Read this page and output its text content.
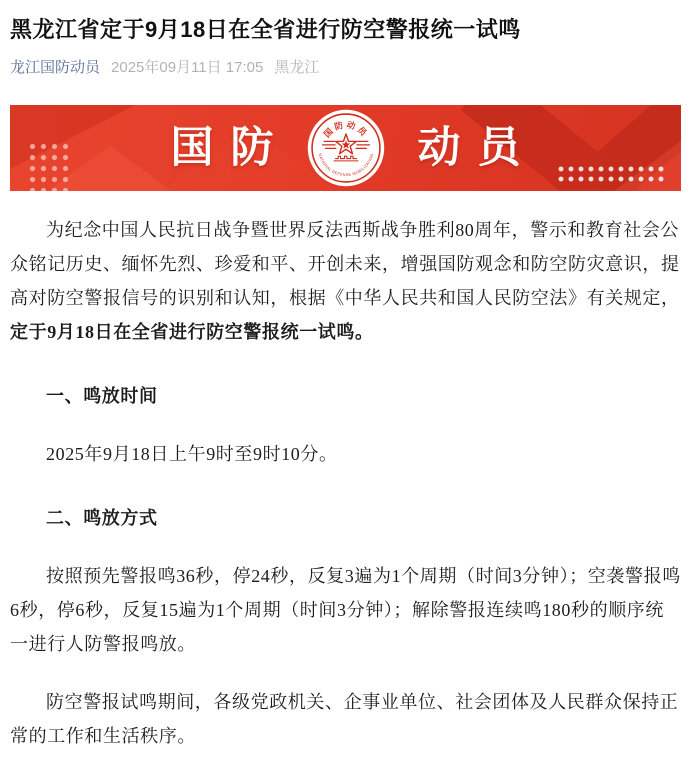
黑龙江省定于9月18日在全省进行防空警报统一试鸣
龙江国防动员 2025年09月11日 17:05 黑龙江
国防	国防动员
NATIONAL DEFENSE MOBILIZATION	动员

为纪念中国人民抗日战争暨世界反法西斯战争胜利80周年，警示和教育社会公众铭记历史、缅怀先烈、珍爱和平、开创未来，增强国防观念和防空防灾意识，提高对防空警报信号的识别和认知，根据《中华人民共和国人民防空法》有关规定，定于9月18日在全省进行防空警报统一试鸣。

一、鸣放时间

2025年9月18日上午9时至9时10分。

二、鸣放方式

按照预先警报鸣36秒，停24秒，反复3遍为1个周期（时间3分钟）；空袭警报鸣6秒，停6秒，反复15遍为1个周期（时间3分钟）；解除警报连续鸣180秒的顺序统一进行人防警报鸣放。

防空警报试鸣期间，各级党政机关、企事业单位、社会团体及人民群众保持正常的工作和生活秩序。
